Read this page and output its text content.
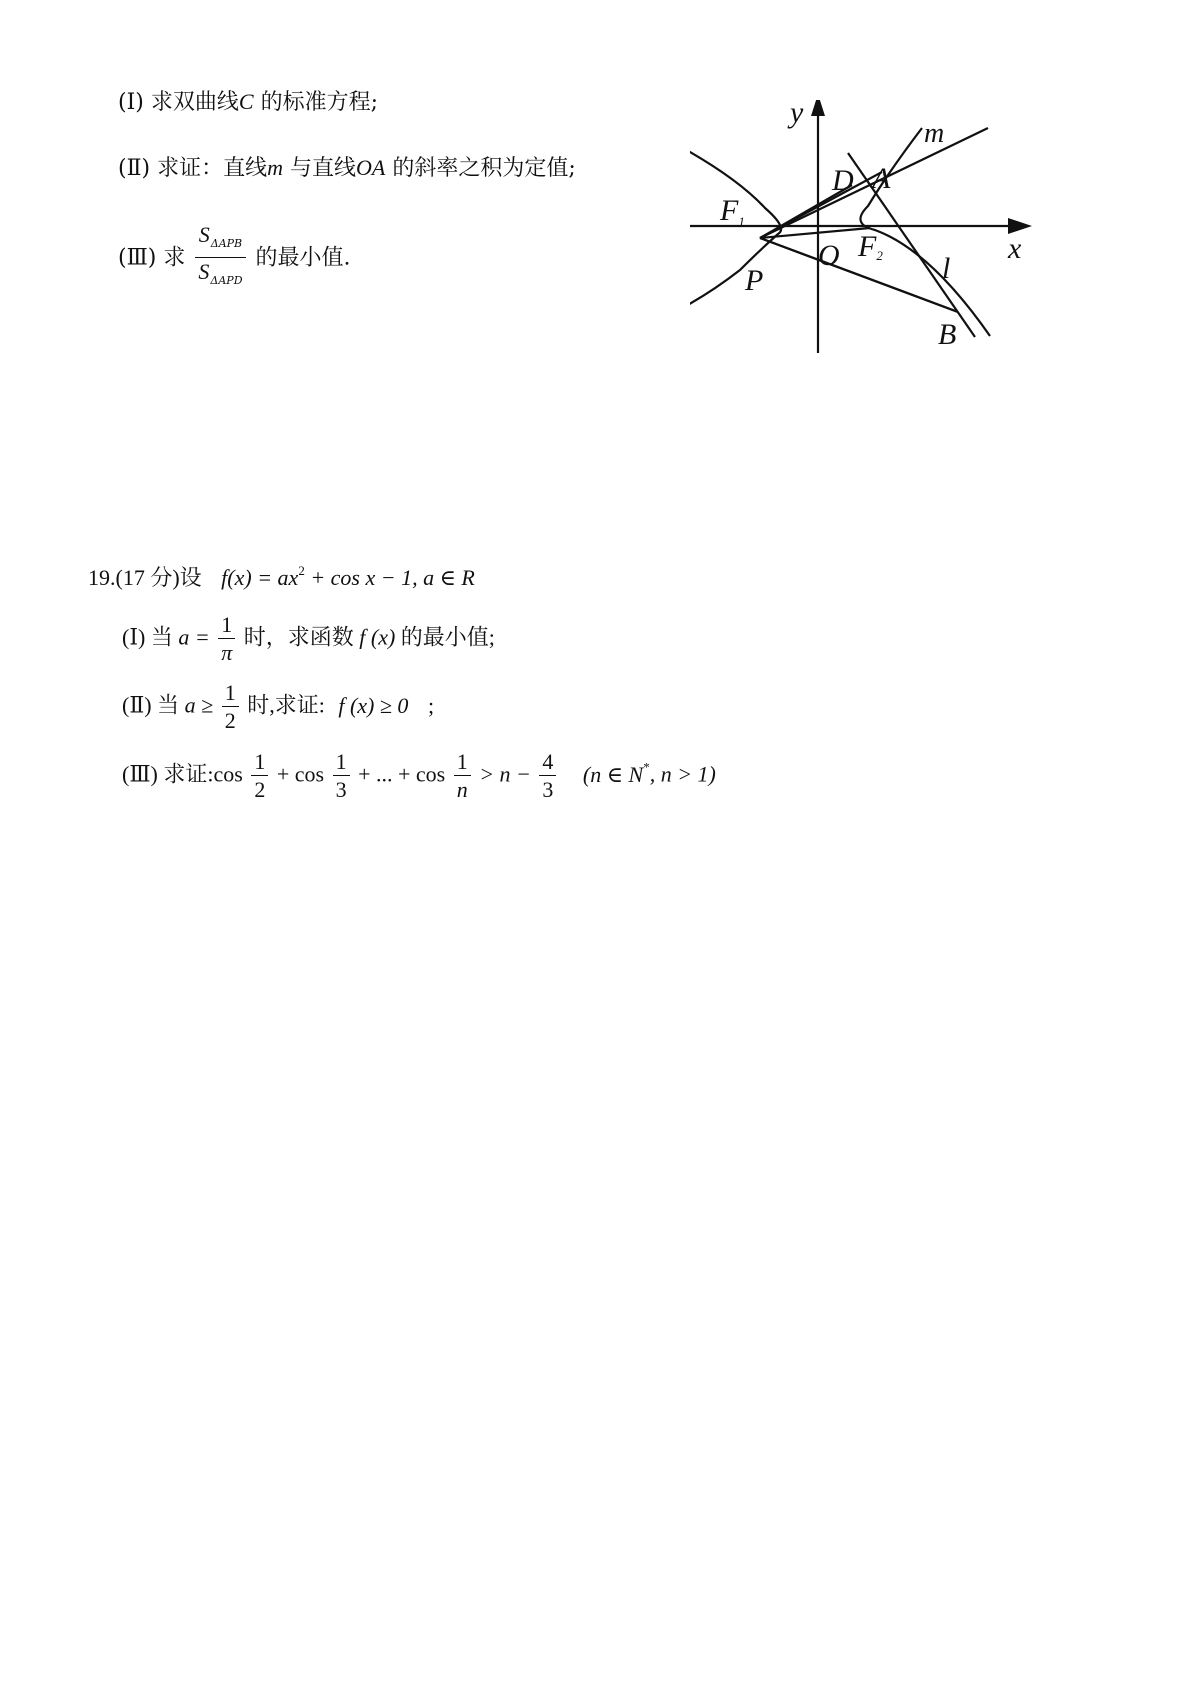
(Ⅰ) 求双曲线C 的标准方程;
(Ⅱ) 求证：直线m 与直线OA 的斜率之积为定值;
(Ⅲ) 求 $\frac{S_{\Delta APB}}{S_{\Delta APD}}$ 的最小值.
y
x
m
D A
$F_1$
O F2
P	l
B
19.(17 分)设 $f(x) = ax^2 + \cos x - 1$, a ∈ R
(Ⅰ) 当 $a = \frac{1}{\pi}$ 时，求函数 f (x) 的最小值;
(Ⅱ) 当 $a \ge \frac{1}{2}$ 时,求证: f (x) ≥ 0 ;
(Ⅲ) 求证:cos $\frac{1}{2} + \cos \frac{1}{3}$ + ... + $\cos \frac{1}{n} > n - \frac{4}{3} (n$ ∈ N*, n > 1)
